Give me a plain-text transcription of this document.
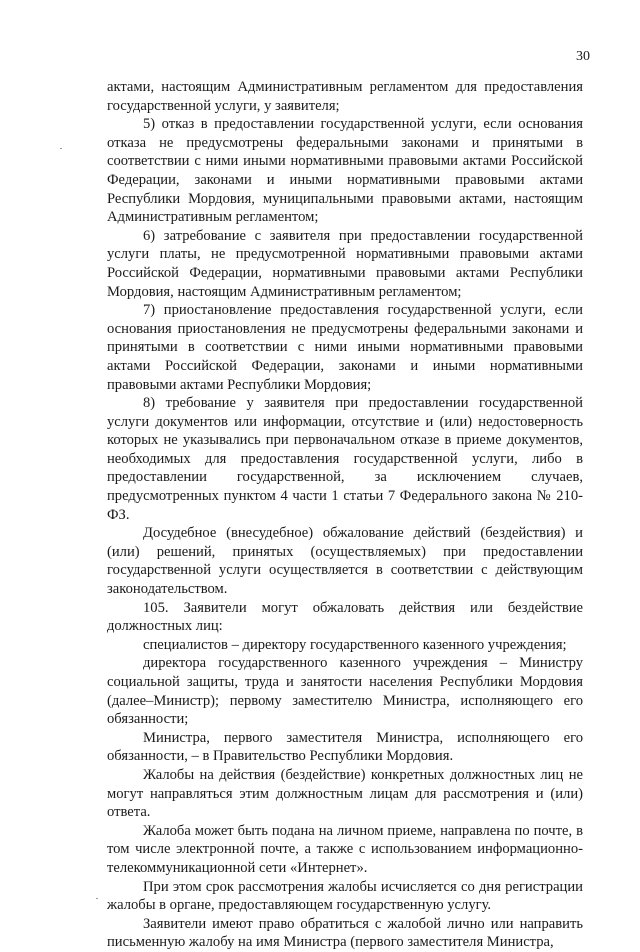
30

актами, настоящим Административным регламентом для предоставления государственной услуги, у заявителя;

5) отказ в предоставлении государственной услуги, если основания отказа не предусмотрены федеральными законами и принятыми в соответствии с ними иными нормативными правовыми актами Российской Федерации, законами и иными нормативными правовыми актами Республики Мордовия, муниципальными правовыми актами, настоящим Административным регламентом;

6) затребование с заявителя при предоставлении государственной услуги платы, не предусмотренной нормативными правовыми актами Российской Федерации, нормативными правовыми актами Республики Мордовия, настоящим Административным регламентом;

7) приостановление предоставления государственной услуги, если основания приостановления не предусмотрены федеральными законами и принятыми в соответствии с ними иными нормативными правовыми актами Российской Федерации, законами и иными нормативными правовыми актами Республики Мордовия;

8) требование у заявителя при предоставлении государственной услуги документов или информации, отсутствие и (или) недостоверность которых не указывались при первоначальном отказе в приеме документов, необходимых для предоставления государственной услуги, либо в предоставлении государственной, за исключением случаев, предусмотренных пунктом 4 части 1 статьи 7 Федерального закона № 210-ФЗ.

Досудебное (внесудебное) обжалование действий (бездействия) и (или) решений, принятых (осуществляемых) при предоставлении государственной услуги осуществляется в соответствии с действующим законодательством.

105. Заявители могут обжаловать действия или бездействие должностных лиц:

специалистов – директору государственного казенного учреждения;

директора государственного казенного учреждения – Министру социальной защиты, труда и занятости населения Республики Мордовия (далее–Министр); первому заместителю Министра, исполняющего его обязанности;

Министра, первого заместителя Министра, исполняющего его обязанности, – в Правительство Республики Мордовия.

Жалобы на действия (бездействие) конкретных должностных лиц не могут направляться этим должностным лицам для рассмотрения и (или) ответа.

Жалоба может быть подана на личном приеме, направлена по почте, в том числе электронной почте, а также с использованием информационно-телекоммуникационной сети «Интернет».

При этом срок рассмотрения жалобы исчисляется со дня регистрации жалобы в органе, предоставляющем государственную услугу.

Заявители имеют право обратиться с жалобой лично или направить письменную жалобу на имя Министра (первого заместителя Министра,
